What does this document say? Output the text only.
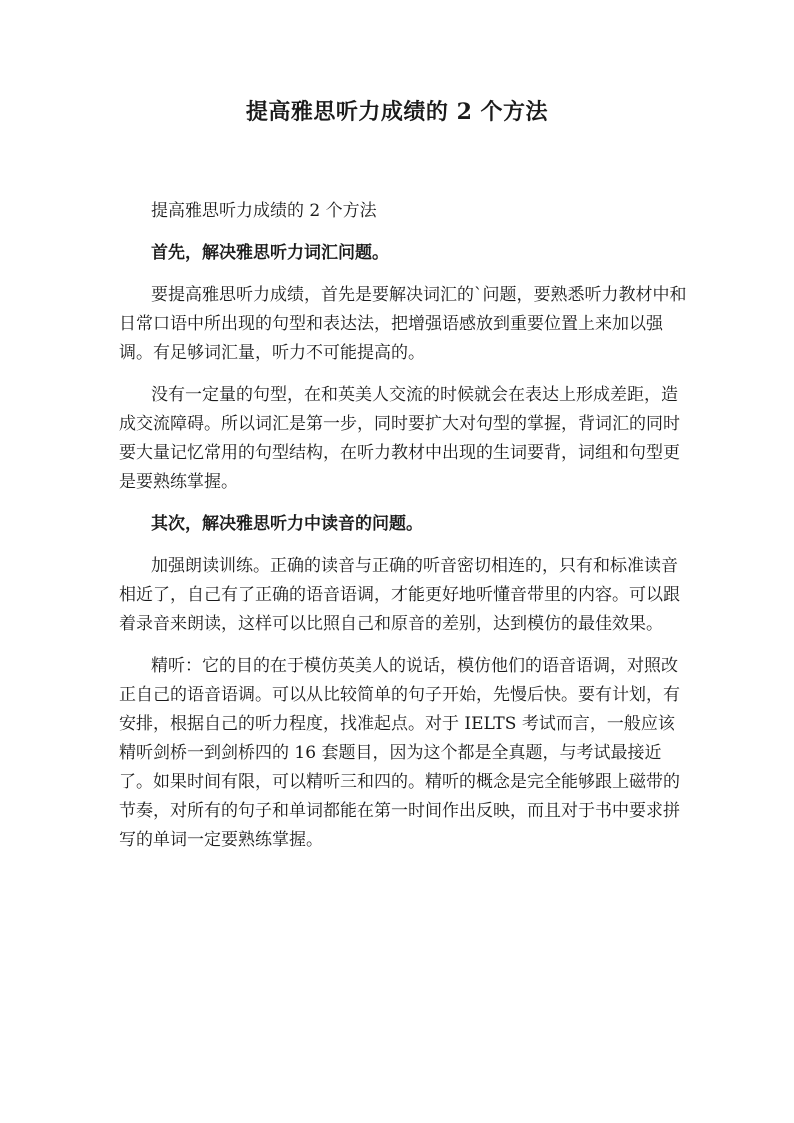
提高雅思听力成绩的 2 个方法

提高雅思听力成绩的 2 个方法

首先，解决雅思听力词汇问题。

要提高雅思听力成绩，首先是要解决词汇的`问题，要熟悉听力教材中和日常口语中所出现的句型和表达法，把增强语感放到重要位置上来加以强调。有足够词汇量，听力不可能提高的。

没有一定量的句型，在和英美人交流的时候就会在表达上形成差距，造成交流障碍。所以词汇是第一步，同时要扩大对句型的掌握，背词汇的同时要大量记忆常用的句型结构，在听力教材中出现的生词要背，词组和句型更是要熟练掌握。

其次，解决雅思听力中读音的问题。

加强朗读训练。正确的读音与正确的听音密切相连的，只有和标准读音相近了，自己有了正确的语音语调，才能更好地听懂音带里的内容。可以跟着录音来朗读，这样可以比照自己和原音的差别，达到模仿的最佳效果。

精听：它的目的在于模仿英美人的说话，模仿他们的语音语调，对照改正自己的语音语调。可以从比较简单的句子开始，先慢后快。要有计划，有安排，根据自己的听力程度，找准起点。对于 IELTS 考试而言，一般应该精听剑桥一到剑桥四的 16 套题目，因为这个都是全真题，与考试最接近了。如果时间有限，可以精听三和四的。精听的概念是完全能够跟上磁带的节奏，对所有的句子和单词都能在第一时间作出反映，而且对于书中要求拼写的单词一定要熟练掌握。
